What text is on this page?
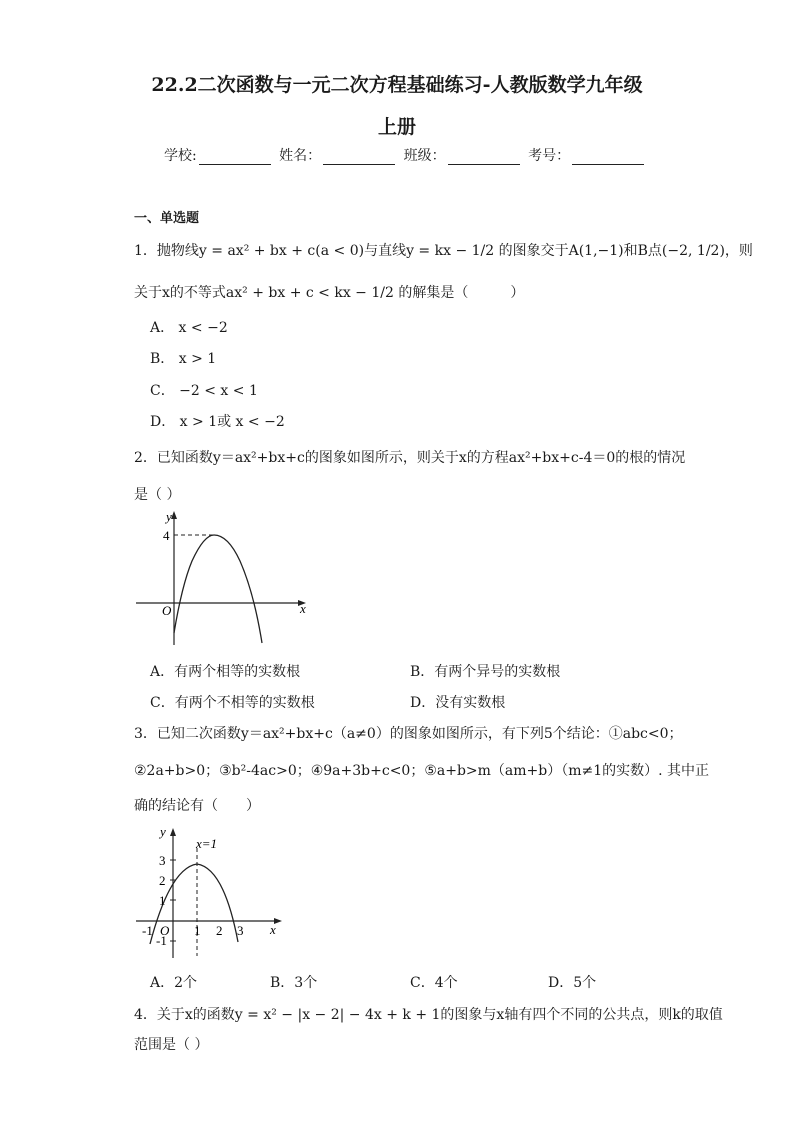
22.2二次函数与一元二次方程基础练习-人教版数学九年级
上册
学校:	姓名：	班级：	考号：
一、单选题
1．抛物线y = ax² + bx + c(a < 0)与直线y = kx − 1/2 的图象交于A(1,−1)和B点(−2, 1/2)，则
关于x的不等式ax² + bx + c < kx − 1/2 的解集是（　　　）
A． x < −2
B． x > 1
C． −2 < x < 1
D． x > 1或 x < −2
2．已知函数y＝ax²+bx+c的图象如图所示，则关于x的方程ax²+bx+c-4＝0的根的情况
是（ ）
y
x
O
4
A．有两个相等的实数根	B．有两个异号的实数根
C．有两个不相等的实数根	D．没有实数根
3．已知二次函数y＝ax²+bx+c（a≠0）的图象如图所示，有下列5个结论：①abc<0；
②2a+b>0；③b²-4ac>0；④9a+3b+c<0；⑤a+b>m（am+b）（m≠1的实数）. 其中正
确的结论有（　　）
y
x
O
x=1
3
2
1
-1
-1	1 2 3
A．2个	B．3个	C．4个	D．5个
4．关于x的函数y = x² − |x − 2| − 4x + k + 1的图象与x轴有四个不同的公共点，则k的取值
范围是（ ）
